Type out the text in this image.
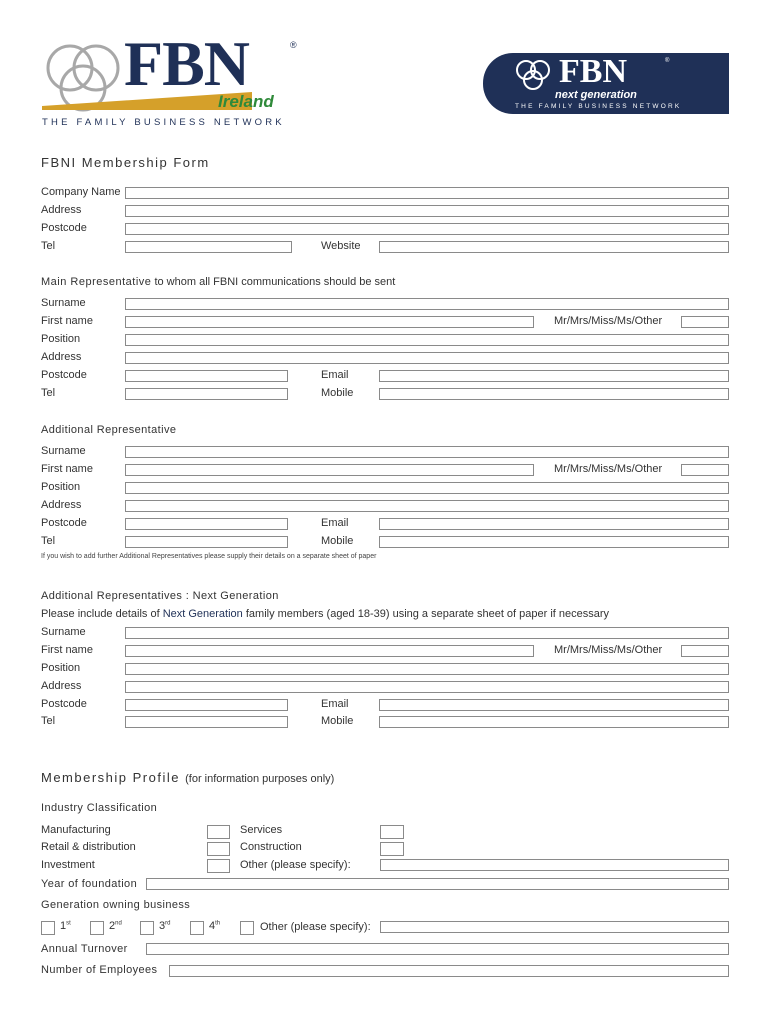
FBN	®
Ireland
THE FAMILY BUSINESS NETWORK
FBN	®
next generation
THE FAMILY BUSINESS NETWORK
FBNI Membership Form
Company Name
Address
Postcode
Tel	Website
Main Representative to whom all FBNI communications should be sent
Surname
First name	Mr/Mrs/Miss/Ms/Other
Position
Address
Postcode	Email
Tel	Mobile
Additional Representative
Surname
First name	Mr/Mrs/Miss/Ms/Other
Position
Address
Postcode	Email
Tel	Mobile
If you wish to add further Additional Representatives please supply their details on a separate sheet of paper
Additional Representatives : Next Generation
Please include details of Next Generation family members (aged 18-39) using a separate sheet of paper if necessary
Surname
First name	Mr/Mrs/Miss/Ms/Other
Position
Address
Postcode	Email
Tel	Mobile
Membership Profile (for information purposes only)
Industry Classification
Manufacturing	Services
Retail & distribution	Construction
Investment	Other (please specify):
Year of foundation
Generation owning business
1st	2nd	3rd	4th	Other (please specify):
Annual Turnover
Number of Employees
